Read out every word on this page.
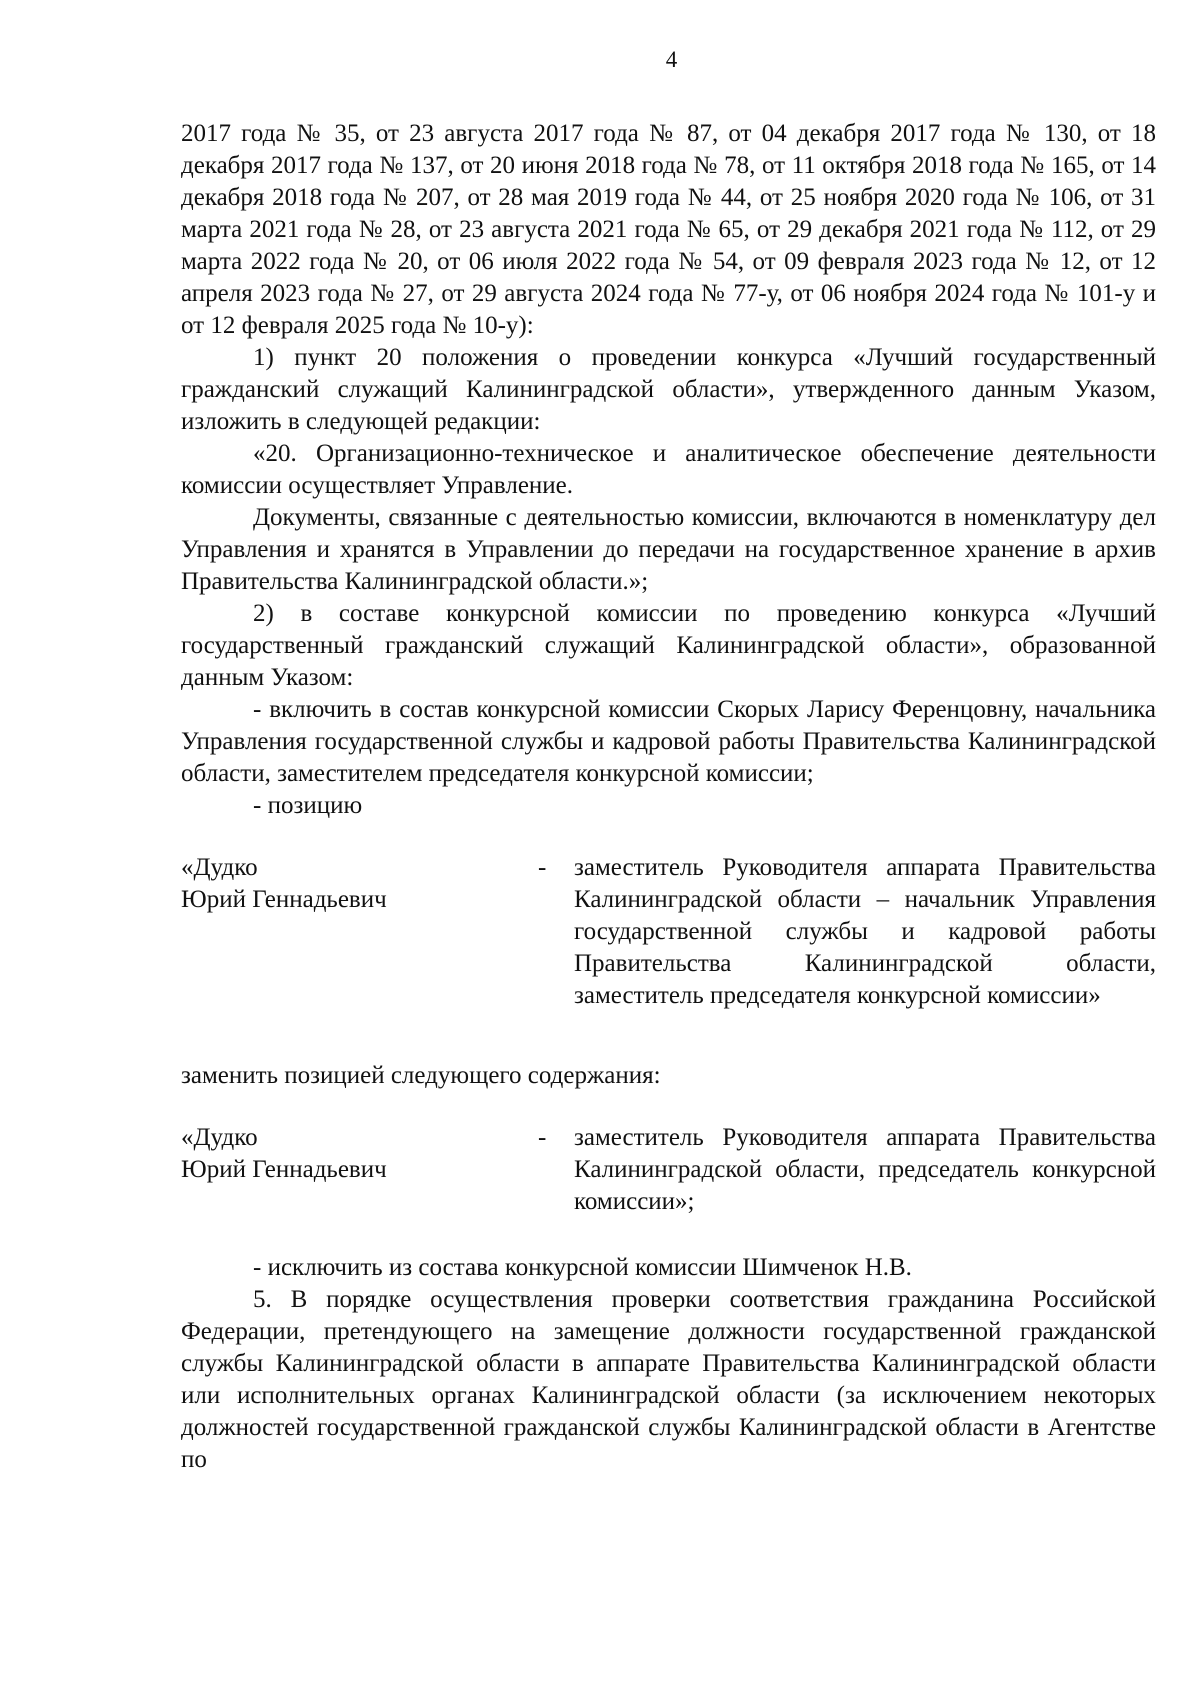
4

2017 года № 35, от 23 августа 2017 года № 87, от 04 декабря 2017 года № 130, от 18 декабря 2017 года № 137, от 20 июня 2018 года № 78, от 11 октября 2018 года № 165, от 14 декабря 2018 года № 207, от 28 мая 2019 года № 44, от 25 ноября 2020 года № 106, от 31 марта 2021 года № 28, от 23 августа 2021 года № 65, от 29 декабря 2021 года № 112, от 29 марта 2022 года № 20, от 06 июля 2022 года № 54, от 09 февраля 2023 года № 12, от 12 апреля 2023 года № 27, от 29 августа 2024 года № 77-у, от 06 ноября 2024 года № 101-у и от 12 февраля 2025 года № 10-у):

1) пункт 20 положения о проведении конкурса «Лучший государственный гражданский служащий Калининградской области», утвержденного данным Указом, изложить в следующей редакции:

«20. Организационно-техническое и аналитическое обеспечение деятельности комиссии осуществляет Управление.

Документы, связанные с деятельностью комиссии, включаются в номенклатуру дел Управления и хранятся в Управлении до передачи на государственное хранение в архив Правительства Калининградской области.»;

2) в составе конкурсной комиссии по проведению конкурса «Лучший государственный гражданский служащий Калининградской области», образованной данным Указом:

- включить в состав конкурсной комиссии Скорых Ларису Ференцовну, начальника Управления государственной службы и кадровой работы Правительства Калининградской области, заместителем председателя конкурсной комиссии;

- позицию

«Дудко
Юрий Геннадьевич
- заместитель Руководителя аппарата Правительства Калининградской области – начальник Управления государственной службы и кадровой работы Правительства Калининградской области, заместитель председателя конкурсной комиссии»

заменить позицией следующего содержания:

«Дудко
Юрий Геннадьевич
- заместитель Руководителя аппарата Правительства Калининградской области, председатель конкурсной комиссии»;

- исключить из состава конкурсной комиссии Шимченок Н.В.

5. В порядке осуществления проверки соответствия гражданина Российской Федерации, претендующего на замещение должности государственной гражданской службы Калининградской области в аппарате Правительства Калининградской области или исполнительных органах Калининградской области (за исключением некоторых должностей государственной гражданской службы Калининградской области в Агентстве по
